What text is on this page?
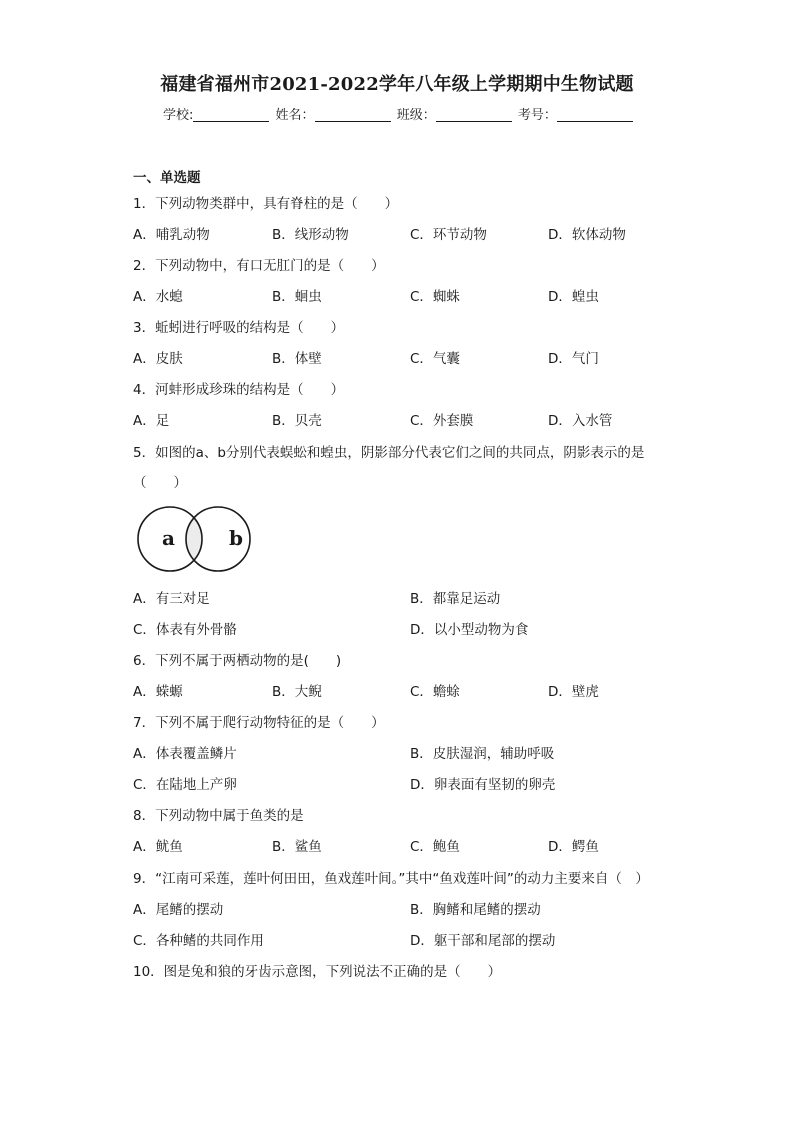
福建省福州市2021-2022学年八年级上学期期中生物试题
学校:	姓名：	班级：	考号：
一、单选题
1．下列动物类群中，具有脊柱的是（　　）
A．哺乳动物	B．线形动物	C．环节动物	D．软体动物
2．下列动物中，有口无肛门的是（　　）
A．水螅	B．蛔虫	C．蜘蛛	D．蝗虫
3．蚯蚓进行呼吸的结构是（　　）
A．皮肤	B．体壁	C．气囊	D．气门
4．河蚌形成珍珠的结构是（　　）
A．足	B．贝壳	C．外套膜	D．入水管
5．如图的a、b分别代表蜈蚣和蝗虫，阴影部分代表它们之间的共同点，阴影表示的是
（　　）
a	b
A．有三对足	B．都靠足运动
C．体表有外骨骼	D．以小型动物为食
6．下列不属于两栖动物的是(　　)
A．蝾螈	B．大鲵	C．蟾蜍	D．壁虎
7．下列不属于爬行动物特征的是（　　）
A．体表覆盖鳞片	B．皮肤湿润，辅助呼吸
C．在陆地上产卵	D．卵表面有坚韧的卵壳
8．下列动物中属于鱼类的是
A．鱿鱼	B．鲨鱼	C．鲍鱼	D．鳄鱼
9．“江南可采莲，莲叶何田田，鱼戏莲叶间。”其中“鱼戏莲叶间”的动力主要来自（　）
A．尾鳍的摆动	B．胸鳍和尾鳍的摆动
C．各种鳍的共同作用	D．躯干部和尾部的摆动
10．图是兔和狼的牙齿示意图，下列说法不正确的是（　　）
